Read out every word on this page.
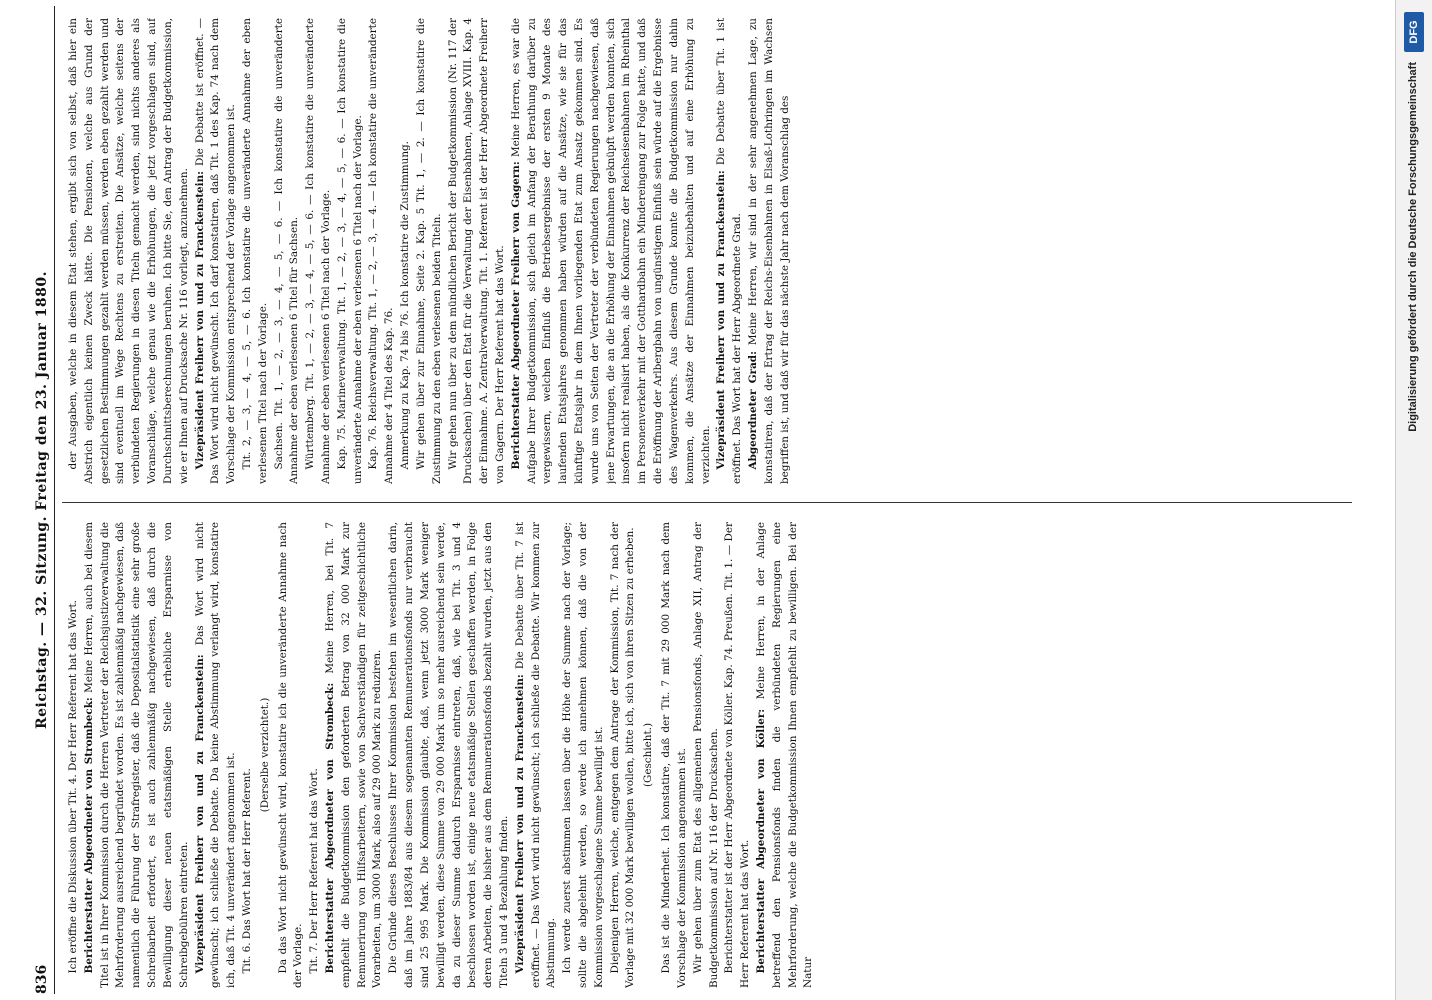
836
Reichstag. — 32. Sitzung. Freitag den 23. Januar 1880.

Ich eröffne die Diskussion über Tit. 4. Der Herr Referent hat das Wort. Berichterstatter Abgeordneter von Strombeck: Meine Herren, auch bei diesem Titel ist in Ihrer Kommission durch die Herren Vertreter der Reichsjustizverwaltung die Mehrforderung ausreichend begründet worden. Es ist zahlenmäßig nachgewiesen, daß namentlich die Führung der Strafregister, daß die Depositalstatistik eine sehr große Schreibarbeit erfordert, es ist auch zahlenmäßig nachgewiesen, daß durch die Bewilligung dieser neuen etatsmäßigen Stelle erhebliche Ersparnisse von Schreibgebühren eintreten. Vizepräsident Freiherr von und zu Franckenstein: Das Wort wird nicht gewünscht; ich schließe die Debatte. Da keine Abstimmung verlangt wird, konstatire ich, daß Tit. 4 unverändert angenommen ist. Tit. 6. Das Wort hat der Herr Referent.

(Derselbe verzichtet.) Da das Wort nicht gewünscht wird, konstatire ich die unveränderte Annahme nach der Vorlage. Tit. 7. Der Herr Referent hat das Wort. Berichterstatter Abgeordneter von Strombeck: Meine Herren, bei Tit. 7 empfiehlt die Budgetkommission den geforderten Betrag von 32 000 Mark zur Remunerirung von Hilfsarbeitern, sowie von Sachverständigen für zeitgeschichtliche Vorarbeiten, um 3000 Mark, also auf 29 000 Mark zu reduziren. Die Gründe dieses Beschlusses Ihrer Kommission bestehen im wesentlichen darin, daß im Jahre 1883/84 aus diesem sogenannten Remunerationsfonds nur verbraucht sind 25 995 Mark. Die Kommission glaubte, daß, wenn jetzt 3000 Mark weniger bewilligt werden, diese Summe von 29 000 Mark um so mehr ausreichend sein werde, da zu dieser Summe dadurch Ersparnisse eintreten, daß, wie bei Tit. 3 und 4 beschlossen worden ist, einige neue etatsmäßige Stellen geschaffen werden, in Folge deren Arbeiten, die bisher aus dem Remunerationsfonds bezahlt wurden, jetzt aus den Titeln 3 und 4 Bezahlung finden. Vizepräsident Freiherr von und zu Franckenstein: Die Debatte über Tit. 7 ist eröffnet. — Das Wort wird nicht gewünscht; ich schließe die Debatte. Wir kommen zur Abstimmung. Ich werde zuerst abstimmen lassen über die Höhe der Summe nach der Vorlage; sollte die abgelehnt werden, so werde ich annehmen können, daß die von der Kommission vorgeschlagene Summe bewilligt ist. Diejenigen Herren, welche, entgegen dem Antrage der Kommission, Tit. 7 nach der Vorlage mit 32 000 Mark bewilligen wollen, bitte ich, sich von ihren Sitzen zu erheben. (Geschieht.) Das ist die Minderheit. Ich konstatire, daß der Tit. 7 mit 29 000 Mark nach dem Vorschlage der Kommission angenommen ist. Wir gehen über zum Etat des allgemeinen Pensionsfonds, Anlage XII, Antrag der Budgetkommission auf Nr. 116 der Drucksachen. Berichterstatter ist der Herr Abgeordnete von Köller. Kap. 74. Preußen. Tit. 1. — Der Herr Referent hat das Wort. Berichterstatter Abgeordneter von Köller: Meine Herren, in der Anlage betreffend den Pensionsfonds finden die verbündeten Regierungen eine Mehrforderung, welche die Budgetkommission Ihnen empfiehlt zu bewilligen. Bei der Natur

der Ausgaben, welche in diesem Etat stehen, ergibt sich von selbst, daß hier ein Abstrich eigentlich keinen Zweck hätte. Die Pensionen, welche aus Grund der gesetzlichen Bestimmungen gezahlt werden müssen, werden eben gezahlt werden und sind eventuell im Wege Rechtens zu erstreiten. Die Ansätze, welche seitens der verbündeten Regierungen in diesen Titeln gemacht werden, sind nichts anderes als Voranschläge, welche genau wie die Erhöhungen, die jetzt vorgeschlagen sind, auf Durchschnittsberechnungen beruhen. Ich bitte Sie, den Antrag der Budgetkommission, wie er Ihnen auf Drucksache Nr. 116 vorliegt, anzunehmen. Vizepräsident Freiherr von und zu Franckenstein: Die Debatte ist eröffnet. — Das Wort wird nicht gewünscht. Ich darf konstatiren, daß Tit. 1 des Kap. 74 nach dem Vorschlage der Kommission entsprechend der Vorlage angenommen ist. Tit. 2, — 3, — 4, — 5, — 6. Ich konstatire die unveränderte Annahme der eben verlesenen Titel nach der Vorlage. Sachsen. Tit. 1, — 2, — 3, — 4, — 5, — 6. — Ich konstatire die unveränderte Annahme der eben verlesenen 6 Titel für Sachsen. Württemberg. Tit. 1, — 2, — 3, — 4, — 5, — 6. — Ich konstatire die unveränderte Annahme der eben verlesenen 6 Titel nach der Vorlage. Kap. 75. Marineverwaltung. Tit. 1, — 2, — 3, — 4, — 5, — 6. — Ich konstatire die unveränderte Annahme der eben verlesenen 6 Titel nach der Vorlage. Kap. 76. Reichsverwaltung. Tit. 1, — 2, — 3, — 4. — Ich konstatire die unveränderte Annahme der 4 Titel des Kap. 76. Anmerkung zu Kap. 74 bis 76. Ich konstatire die Zustimmung. Wir gehen über zur Einnahme, Seite 2. Kap. 5 Tit. 1, — 2. — Ich konstatire die Zustimmung zu den eben verlesenen beiden Titeln. Wir gehen nun über zu dem mündlichen Bericht der Budgetkommission (Nr. 117 der Drucksachen) über den Etat für die Verwaltung der Eisenbahnen, Anlage XVIII. Kap. 4 der Einnahme. A. Zentralverwaltung. Tit. 1. Referent ist der Herr Abgeordnete Freiherr von Gagern. Der Herr Referent hat das Wort. Berichterstatter Abgeordneter Freiherr von Gagern: Meine Herren, es war die Aufgabe Ihrer Budgetkommission, sich gleich im Anfang der Berathung darüber zu vergewissern, welchen Einfluß die Betriebsergebnisse der ersten 9 Monate des laufenden Etatsjahres genommen haben würden auf die Ansätze, wie sie für das künftige Etatsjahr in dem Ihnen vorliegenden Etat zum Ansatz gekommen sind. Es wurde uns von Seiten der Vertreter der verbündeten Regierungen nachgewiesen, daß jene Erwartungen, die an die Erhöhung der Einnahmen geknüpft werden konnten, sich insofern nicht realisirt haben, als die Konkurrenz der Reichseisenbahnen im Rheinthal im Personenverkehr mit der Gotthardbahn ein Mindereingang zur Folge hatte, und daß die Eröffnung der Arlbergbahn von ungünstigem Einfluß sein würde auf die Ergebnisse des Wagenverkehrs. Aus diesem Grunde konnte die Budgetkommission nur dahin kommen, die Ansätze der Einnahmen beizubehalten und auf eine Erhöhung zu verzichten. Vizepräsident Freiherr von und zu Franckenstein: Die Debatte über Tit. 1 ist eröffnet. Das Wort hat der Herr Abgeordnete Grad. Abgeordneter Grad: Meine Herren, wir sind in der sehr angenehmen Lage, zu konstatiren, daß der Ertrag der Reichs-Eisenbahnen in Elsaß-Lothringen im Wachsen begriffen ist, und daß wir für das nächste Jahr nach dem Voranschlag des	Digitalisierung gefördert durch die Deutsche Forschungsgemeinschaft
DFG
